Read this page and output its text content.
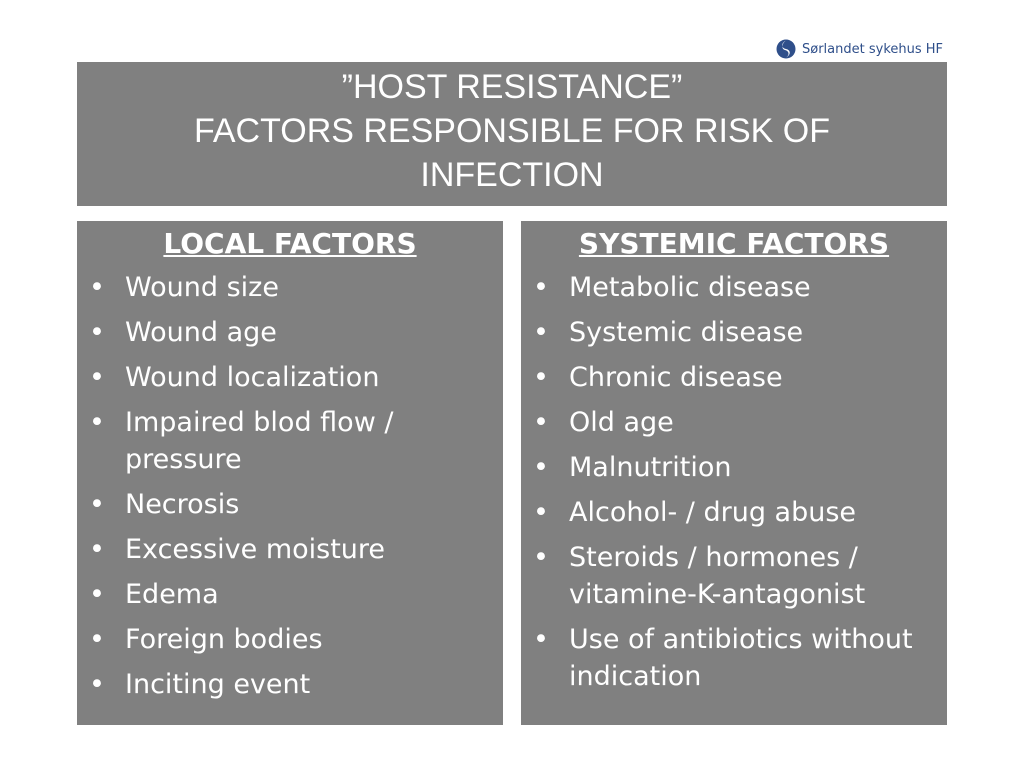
Sørlandet sykehus HF
”HOST RESISTANCE”
FACTORS RESPONSIBLE FOR RISK OF
INFECTION
LOCAL FACTORS
• Wound size
• Wound age
• Wound localization
• Impaired blod flow / pressure
• Necrosis
• Excessive moisture
• Edema
• Foreign bodies
• Inciting event
SYSTEMIC FACTORS
• Metabolic disease
• Systemic disease
• Chronic disease
• Old age
• Malnutrition
• Alcohol- / drug abuse
• Steroids / hormones / vitamine-K-antagonist
• Use of antibiotics without indication
